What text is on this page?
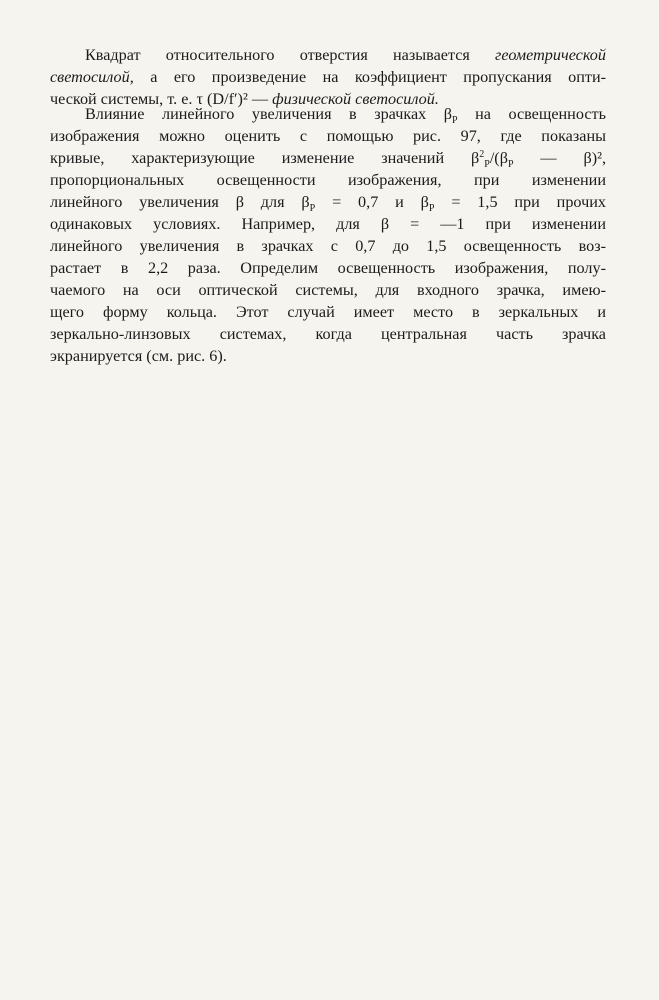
Квадрат относительного отверстия называется геометрической
светосилой, а его произведение на коэффициент пропускания опти-
ческой системы, т. е. τ (D/f′)² — физической светосилой.
Влияние линейного увеличения в зрачках $\beta_P$ на освещенность
изображения можно оценить с помощью рис. 97, где показаны
кривые, характеризующие изменение значений $\beta^2_P/(\beta_P$ — β)²,
пропорциональных освещенности изображения, при изменении
линейного увеличения β для $\beta_P = 0,7$ и $\beta_P = 1,5$ при прочих
одинаковых условиях. Например, для β = —1 при изменении
линейного увеличения в зрачках с 0,7 до 1,5 освещенность воз-
растает в 2,2 раза. Определим освещенность изображения, полу-
чаемого на оси оптической системы, для входного зрачка, имею-
щего форму кольца. Этот случай имеет место в зеркальных и
зеркально-линзовых системах, когда центральная часть зрачка
экранируется (см. рис. 6).
